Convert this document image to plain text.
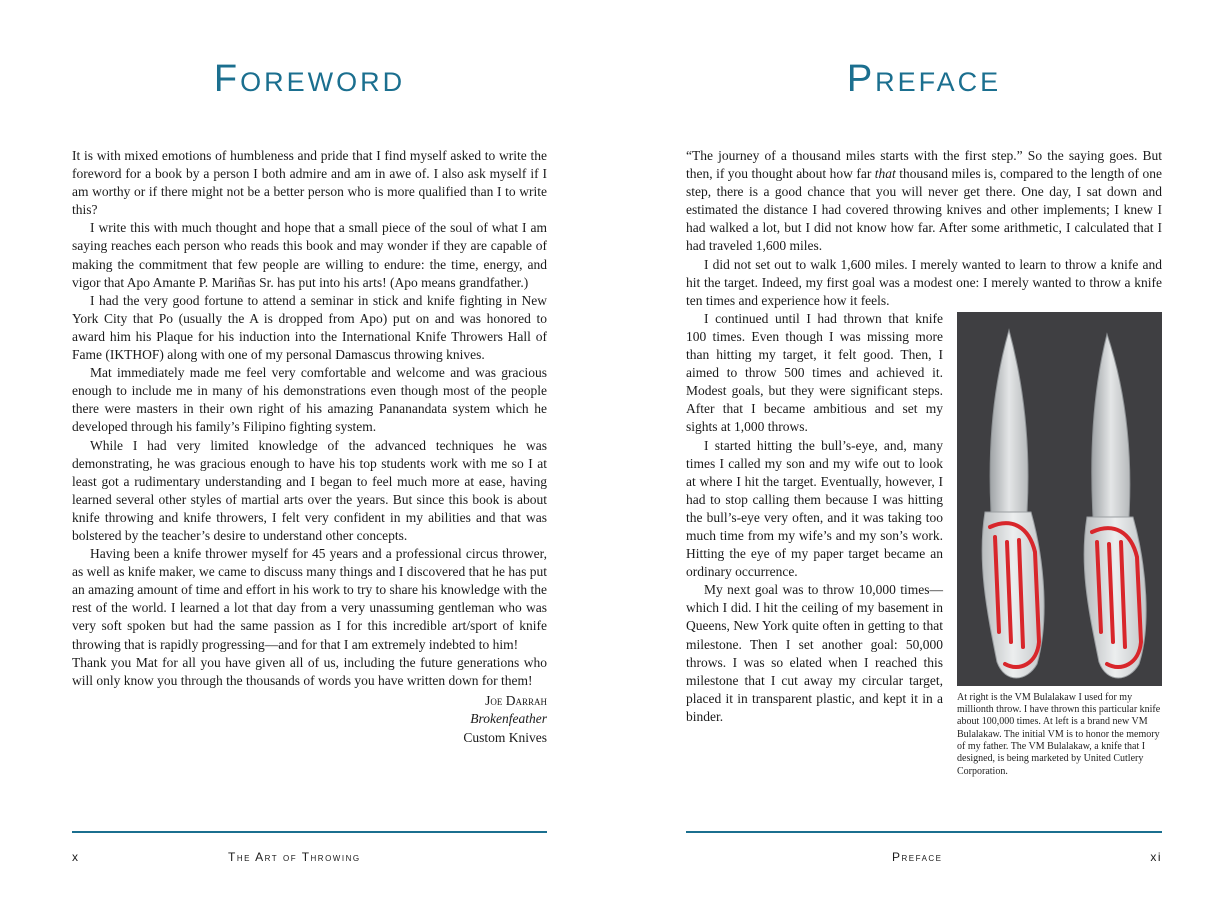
Foreword

It is with mixed emotions of humbleness and pride that I find myself asked to write the foreword for a book by a person I both admire and am in awe of. I also ask myself if I am worthy or if there might not be a better person who is more qualified than I to write this?

I write this with much thought and hope that a small piece of the soul of what I am saying reaches each person who reads this book and may wonder if they are capable of making the commitment that few people are willing to endure: the time, energy, and vigor that Apo Amante P. Mariñas Sr. has put into his arts! (Apo means grandfather.)

I had the very good fortune to attend a seminar in stick and knife fighting in New York City that Po (usually the A is dropped from Apo) put on and was honored to award him his Plaque for his induction into the International Knife Throwers Hall of Fame (IKTHOF) along with one of my personal Damascus throwing knives.

Mat immediately made me feel very comfortable and welcome and was gracious enough to include me in many of his demonstrations even though most of the people there were masters in their own right of his amazing Pananandata system which he developed through his family’s Filipino fighting system.

While I had very limited knowledge of the advanced techniques he was demonstrating, he was gracious enough to have his top students work with me so I at least got a rudimentary understanding and I began to feel much more at ease, having learned several other styles of martial arts over the years. But since this book is about knife throwing and knife throwers, I felt very confident in my abilities and that was bolstered by the teacher’s desire to understand other concepts.

Having been a knife thrower myself for 45 years and a professional circus thrower, as well as knife maker, we came to discuss many things and I discovered that he has put an amazing amount of time and effort in his work to try to share his knowledge with the rest of the world. I learned a lot that day from a very unassuming gentleman who was very soft spoken but had the same passion as I for this incredible art/sport of knife throwing that is rapidly progressing—and for that I am extremely indebted to him!

Thank you Mat for all you have given all of us, including the future generations who will only know you through the thousands of words you have written down for them!

Joe Darrah
Brokenfeather
Custom Knives
x	The Art of Throwing
Preface

“The journey of a thousand miles starts with the first step.” So the saying goes. But then, if you thought about how far that thousand miles is, compared to the length of one step, there is a good chance that you will never get there. One day, I sat down and estimated the distance I had covered throwing knives and other implements; I knew I had walked a lot, but I did not know how far. After some arithmetic, I calculated that I had traveled 1,600 miles.

I did not set out to walk 1,600 miles. I merely wanted to learn to throw a knife and hit the target. Indeed, my first goal was a modest one: I merely wanted to throw a knife ten times and experience how it feels.

At right is the VM Bulalakaw I used for my millionth throw. I have thrown this particular knife about 100,000 times. At left is a brand new VM Bulalakaw. The initial VM is to honor the memory of my father. The VM Bulalakaw, a knife that I designed, is being marketed by United Cutlery Corporation.

I continued until I had thrown that knife 100 times. Even though I was missing more than hitting my target, it felt good. Then, I aimed to throw 500 times and achieved it. Modest goals, but they were significant steps. After that I became ambitious and set my sights at 1,000 throws.

I started hitting the bull’s-eye, and, many times I called my son and my wife out to look at where I hit the target. Eventually, however, I had to stop calling them because I was hitting the bull’s-eye very often, and it was taking too much time from my wife’s and my son’s work. Hitting the eye of my paper target became an ordinary occurrence.

My next goal was to throw 10,000 times—which I did. I hit the ceiling of my basement in Queens, New York quite often in getting to that milestone. Then I set another goal: 50,000 throws. I was so elated when I reached this milestone that I cut away my circular target, placed it in transparent plastic, and kept it in a binder.

Preface	xi
